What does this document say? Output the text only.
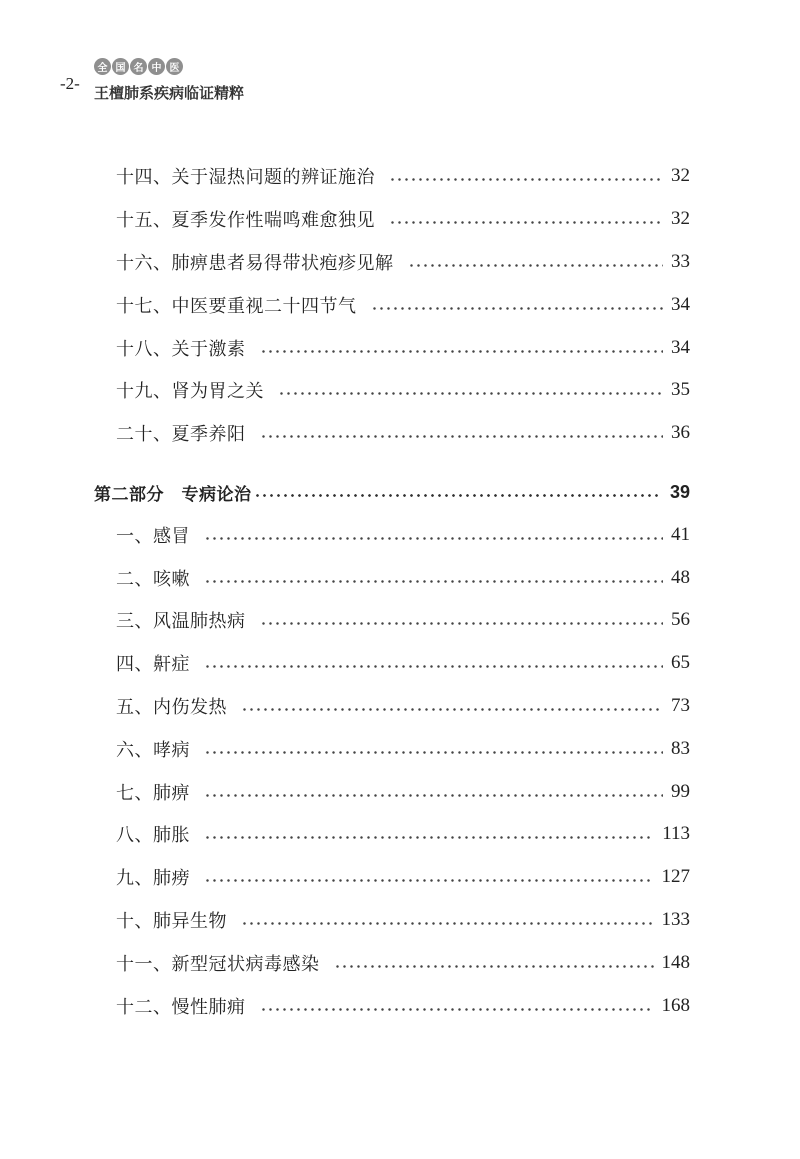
-2-
全 国 名 中 医
王檀肺系疾病临证精粹
十四、关于湿热问题的辨证施治	32
十五、夏季发作性喘鸣难愈独见	32
十六、肺痹患者易得带状疱疹见解	33
十七、中医要重视二十四节气	34
十八、关于激素	34
十九、肾为胃之关	35
二十、夏季养阳	36
第二部分　专病论治	39
一、感冒	41
二、咳嗽	48
三、风温肺热病	56
四、鼾症	65
五、内伤发热	73
六、哮病	83
七、肺痹	99
八、肺胀	113
九、肺痨	127
十、肺异生物	133
十一、新型冠状病毒感染	148
十二、慢性肺痈	168
